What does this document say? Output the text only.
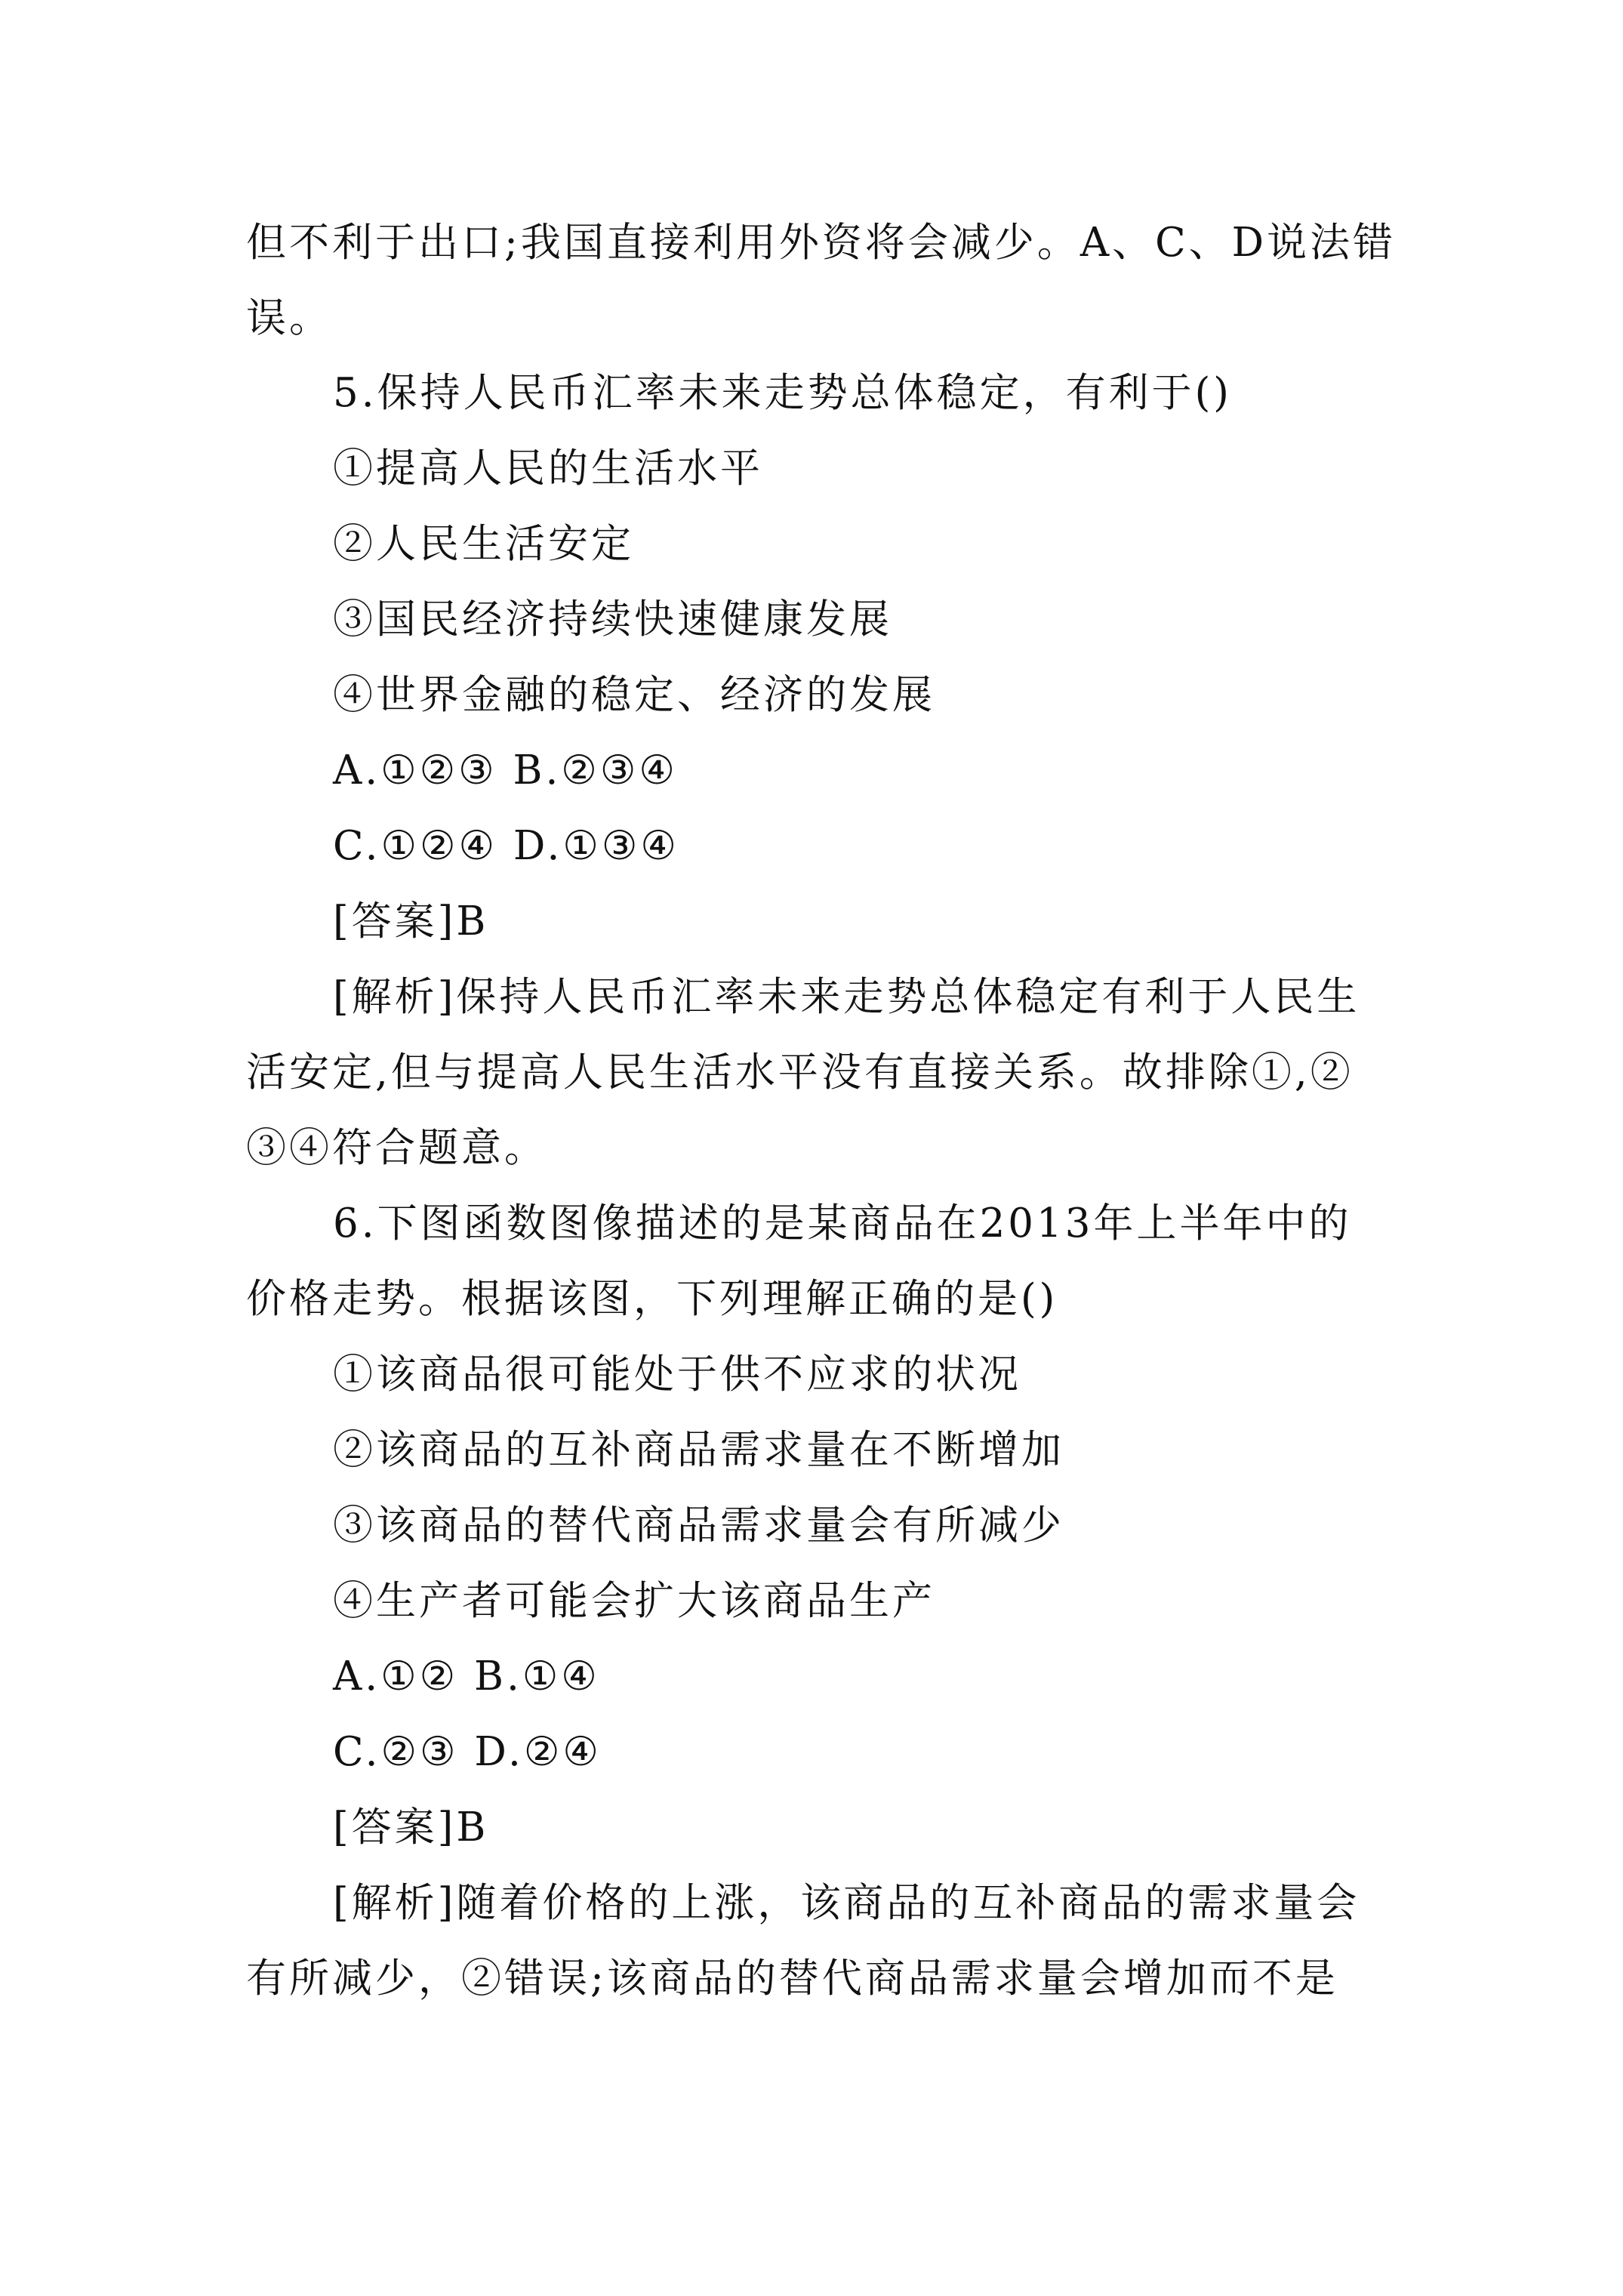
但不利于出口;我国直接利用外资将会减少。A、C、D说法错
误。
5.保持人民币汇率未来走势总体稳定，有利于()
①提高人民的生活水平
②人民生活安定
③国民经济持续快速健康发展
④世界金融的稳定、经济的发展
A.①②③ B.②③④
C.①②④ D.①③④
[答案]B
[解析]保持人民币汇率未来走势总体稳定有利于人民生
活安定,但与提高人民生活水平没有直接关系。故排除①,②
③④符合题意。
6.下图函数图像描述的是某商品在2013年上半年中的
价格走势。根据该图，下列理解正确的是()
①该商品很可能处于供不应求的状况
②该商品的互补商品需求量在不断增加
③该商品的替代商品需求量会有所减少
④生产者可能会扩大该商品生产
A.①② B.①④
C.②③ D.②④
[答案]B
[解析]随着价格的上涨，该商品的互补商品的需求量会
有所减少，②错误;该商品的替代商品需求量会增加而不是
